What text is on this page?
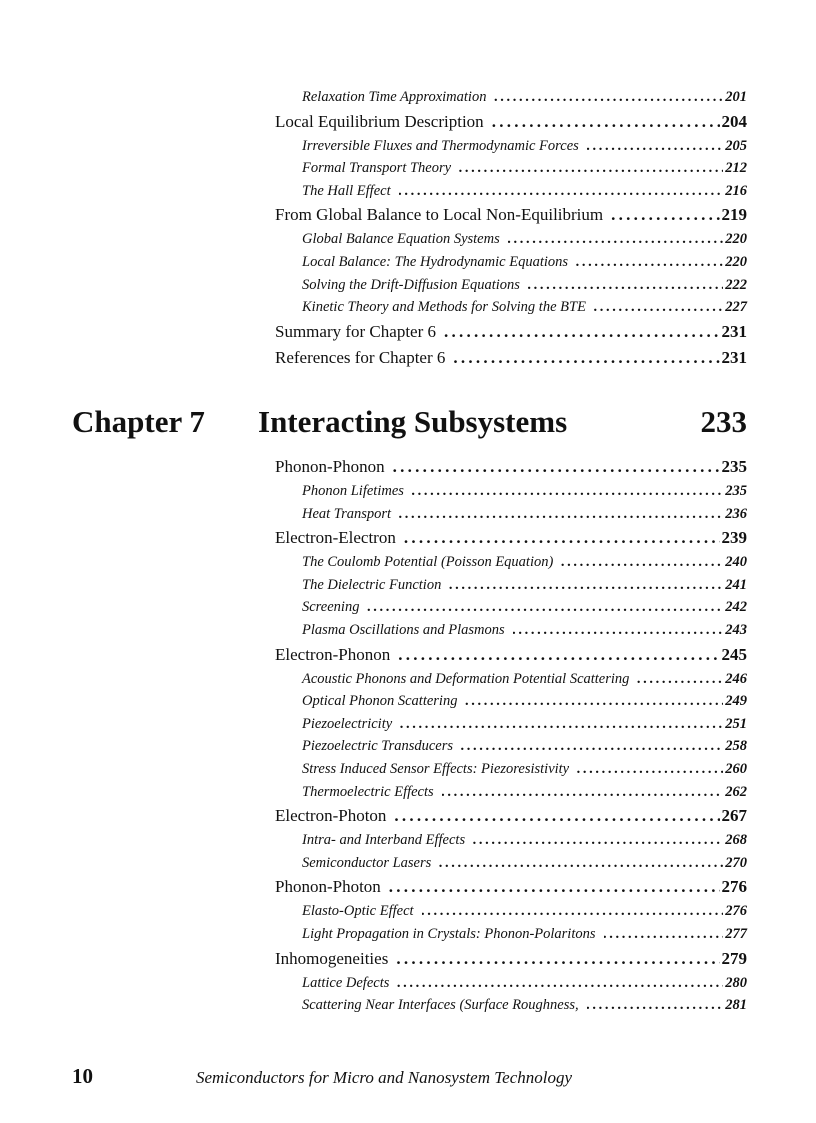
Relaxation Time Approximation . . .	201
Local Equilibrium Description . . .	204
Irreversible Fluxes and Thermodynamic Forces . . .	205
Formal Transport Theory . . .	212
The Hall Effect . . .	216
From Global Balance to Local Non-Equilibrium . . .	219
Global Balance Equation Systems . . .	220
Local Balance: The Hydrodynamic Equations . . .	220
Solving the Drift-Diffusion Equations . . .	222
Kinetic Theory and Methods for Solving the BTE . . .	227
Summary for Chapter 6 . . .	231
References for Chapter 6 . . .	231
Chapter 7	Interacting Subsystems	233
Phonon-Phonon . . .	235
Phonon Lifetimes . . .	235
Heat Transport . . .	236
Electron-Electron . . .	239
The Coulomb Potential (Poisson Equation) . . .	240
The Dielectric Function . . .	241
Screening . . .	242
Plasma Oscillations and Plasmons . . .	243
Electron-Phonon . . .	245
Acoustic Phonons and Deformation Potential Scattering . . .	246
Optical Phonon Scattering . . .	249
Piezoelectricity . . .	251
Piezoelectric Transducers . . .	258
Stress Induced Sensor Effects: Piezoresistivity . . .	260
Thermoelectric Effects . . .	262
Electron-Photon . . .	267
Intra- and Interband Effects . . .	268
Semiconductor Lasers . . .	270
Phonon-Photon . . .	276
Elasto-Optic Effect . . .	276
Light Propagation in Crystals: Phonon-Polaritons . . .	277
Inhomogeneities . . .	279
Lattice Defects . . .	280
Scattering Near Interfaces (Surface Roughness, . . .	281
10	Semiconductors for Micro and Nanosystem Technology
